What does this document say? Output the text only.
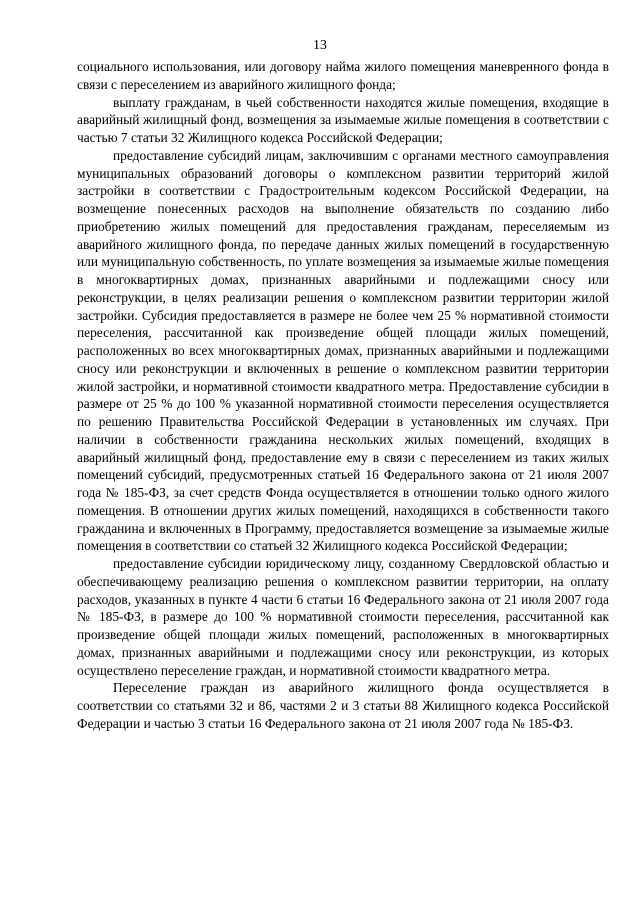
13

социального использования, или договору найма жилого помещения маневренного фонда в связи с переселением из аварийного жилищного фонда;

выплату гражданам, в чьей собственности находятся жилые помещения, входящие в аварийный жилищный фонд, возмещения за изымаемые жилые помещения в соответствии с частью 7 статьи 32 Жилищного кодекса Российской Федерации;

предоставление субсидий лицам, заключившим с органами местного самоуправления муниципальных образований договоры о комплексном развитии территорий жилой застройки в соответствии с Градостроительным кодексом Российской Федерации, на возмещение понесенных расходов на выполнение обязательств по созданию либо приобретению жилых помещений для предоставления гражданам, переселяемым из аварийного жилищного фонда, по передаче данных жилых помещений в государственную или муниципальную собственность, по уплате возмещения за изымаемые жилые помещения в многоквартирных домах, признанных аварийными и подлежащими сносу или реконструкции, в целях реализации решения о комплексном развитии территории жилой застройки. Субсидия предоставляется в размере не более чем 25 % нормативной стоимости переселения, рассчитанной как произведение общей площади жилых помещений, расположенных во всех многоквартирных домах, признанных аварийными и подлежащими сносу или реконструкции и включенных в решение о комплексном развитии территории жилой застройки, и нормативной стоимости квадратного метра. Предоставление субсидии в размере от 25 % до 100 % указанной нормативной стоимости переселения осуществляется по решению Правительства Российской Федерации в установленных им случаях. При наличии в собственности гражданина нескольких жилых помещений, входящих в аварийный жилищный фонд, предоставление ему в связи с переселением из таких жилых помещений субсидий, предусмотренных статьей 16 Федерального закона от 21 июля 2007 года № 185-ФЗ, за счет средств Фонда осуществляется в отношении только одного жилого помещения. В отношении других жилых помещений, находящихся в собственности такого гражданина и включенных в Программу, предоставляется возмещение за изымаемые жилые помещения в соответствии со статьей 32 Жилищного кодекса Российской Федерации;

предоставление субсидии юридическому лицу, созданному Свердловской областью и обеспечивающему реализацию решения о комплексном развитии территории, на оплату расходов, указанных в пункте 4 части 6 статьи 16 Федерального закона от 21 июля 2007 года № 185-ФЗ, в размере до 100 % нормативной стоимости переселения, рассчитанной как произведение общей площади жилых помещений, расположенных в многоквартирных домах, признанных аварийными и подлежащими сносу или реконструкции, из которых осуществлено переселение граждан, и нормативной стоимости квадратного метра.

Переселение граждан из аварийного жилищного фонда осуществляется в соответствии со статьями 32 и 86, частями 2 и 3 статьи 88 Жилищного кодекса Российской Федерации и частью 3 статьи 16 Федерального закона от 21 июля 2007 года № 185-ФЗ.
